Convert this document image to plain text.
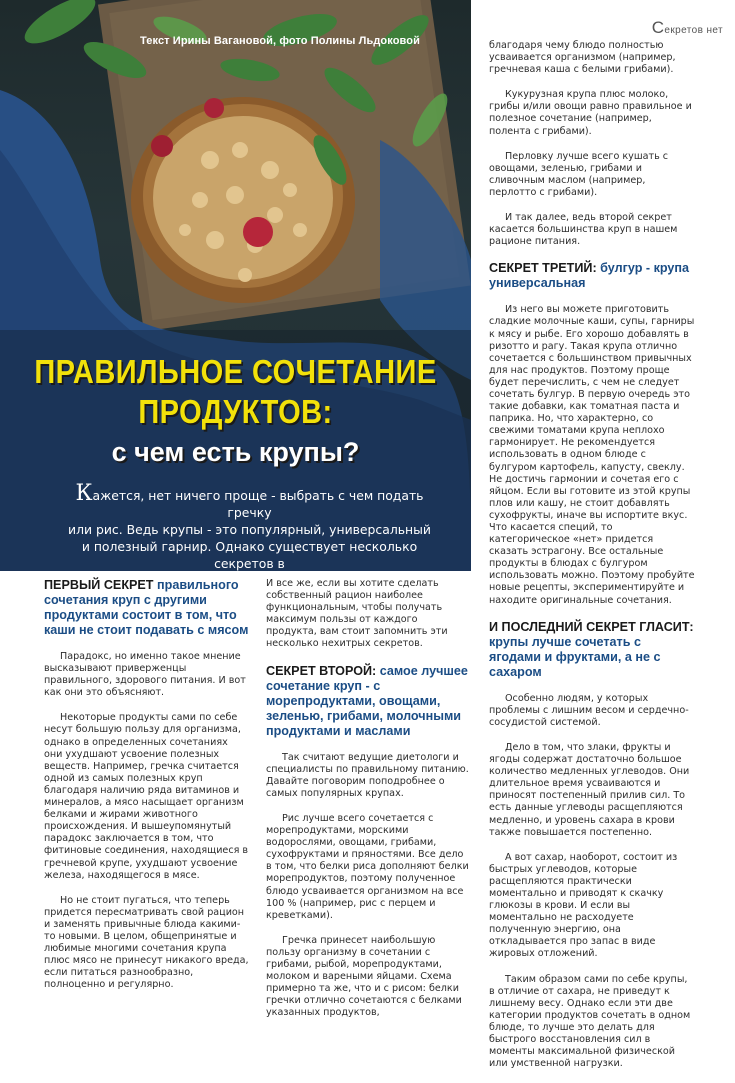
Текст Ирины Вагановой, фото Полины Льдоковой
ПРАВИЛЬНОЕ СОЧЕТАНИЕ
ПРОДУКТОВ:
с чем есть крупы?
Кажется, нет ничего проще - выбрать с чем подать гречку
или рис. Ведь крупы - это популярный, универсальный
и полезный гарнир. Однако существует несколько секретов в

Секретов нет
ПЕРВЫЙ СЕКРЕТ правильного сочетания круп с другими продуктами состоит в том, что каши не стоит подавать с мясом

Парадокс, но именно такое мнение высказывают приверженцы правильного, здорового питания. И вот как они это объясняют.

Некоторые продукты сами по себе несут большую пользу для организма, однако в определенных сочетаниях они ухудшают усвоение полезных веществ. Например, гречка считается одной из самых полезных круп благодаря наличию ряда витаминов и минералов, а мясо насыщает организм белками и жирами животного происхождения. И вышеупомянутый парадокс заключается в том, что фитиновые соединения, находящиеся в гречневой крупе, ухудшают усвоение железа, находящегося в мясе.

Но не стоит пугаться, что теперь придется пересматривать свой рацион и заменять привычные блюда какими-то новыми. В целом, общепринятые и любимые многими сочетания крупа плюс мясо не принесут никакого вреда, если питаться разнообразно, полноценно и регулярно.

И все же, если вы хотите сделать собственный рацион наиболее функциональным, чтобы получать максимум пользы от каждого продукта, вам стоит запомнить эти несколько нехитрых секретов.

СЕКРЕТ ВТОРОЙ: самое лучшее сочетание круп - с морепродуктами, овощами, зеленью, грибами, молочными продуктами и маслами

Так считают ведущие диетологи и специалисты по правильному питанию. Давайте поговорим поподробнее о самых популярных крупах.

Рис лучше всего сочетается с морепродуктами, морскими водорослями, овощами, грибами, сухофруктами и пряностями. Все дело в том, что белки риса дополняют белки морепродуктов, поэтому полученное блюдо усваивается организмом на все 100 % (например, рис с перцем и креветками).

Гречка принесет наибольшую пользу организму в сочетании с грибами, рыбой, морепродуктами, молоком и вареными яйцами. Схема примерно та же, что и с рисом: белки гречки отлично сочетаются с белками указанных продуктов,

благодаря чему блюдо полностью усваивается организмом (например, гречневая каша с белыми грибами).

Кукурузная крупа плюс молоко, грибы и/или овощи равно правильное и полезное сочетание (например, полента с грибами).

Перловку лучше всего кушать с овощами, зеленью, грибами и сливочным маслом (например, перлотто с грибами).

И так далее, ведь второй секрет касается большинства круп в нашем рационе питания.

СЕКРЕТ ТРЕТИЙ: булгур - крупа универсальная

Из него вы можете приготовить сладкие молочные каши, супы, гарниры к мясу и рыбе. Его хорошо добавлять в ризотто и рагу. Такая крупа отлично сочетается с большинством привычных для нас продуктов. Поэтому проще будет перечислить, с чем не следует сочетать булгур. В первую очередь это такие добавки, как томатная паста и паприка. Но, что характерно, со свежими томатами крупа неплохо гармонирует. Не рекомендуется использовать в одном блюде с булгуром картофель, капусту, свеклу. Не достичь гармонии и сочетая его с яйцом. Если вы готовите из этой крупы плов или кашу, не стоит добавлять сухофрукты, иначе вы испортите вкус. Что касается специй, то категорическое «нет» придется сказать эстрагону. Все остальные продукты в блюдах с булгуром использовать можно. Поэтому пробуйте новые рецепты, экспериментируйте и находите оригинальные сочетания.

И ПОСЛЕДНИЙ СЕКРЕТ ГЛАСИТ: крупы лучше сочетать с ягодами и фруктами, а не с сахаром

Особенно людям, у которых проблемы с лишним весом и сердечно-сосудистой системой.

Дело в том, что злаки, фрукты и ягоды содержат достаточно большое количество медленных углеводов. Они длительное время усваиваются и приносят постепенный прилив сил. То есть данные углеводы расщепляются медленно, и уровень сахара в крови также повышается постепенно.

А вот сахар, наоборот, состоит из быстрых углеводов, которые расщепляются практически моментально и приводят к скачку глюкозы в крови. И если вы моментально не расходуете полученную энергию, она откладывается про запас в виде жировых отложений.

Таким образом сами по себе крупы, в отличие от сахара, не приведут к лишнему весу. Однако если эти две категории продуктов сочетать в одном блюде, то лучше это делать для быстрого восстановления сил в моменты максимальной физической или умственной нагрузки.
